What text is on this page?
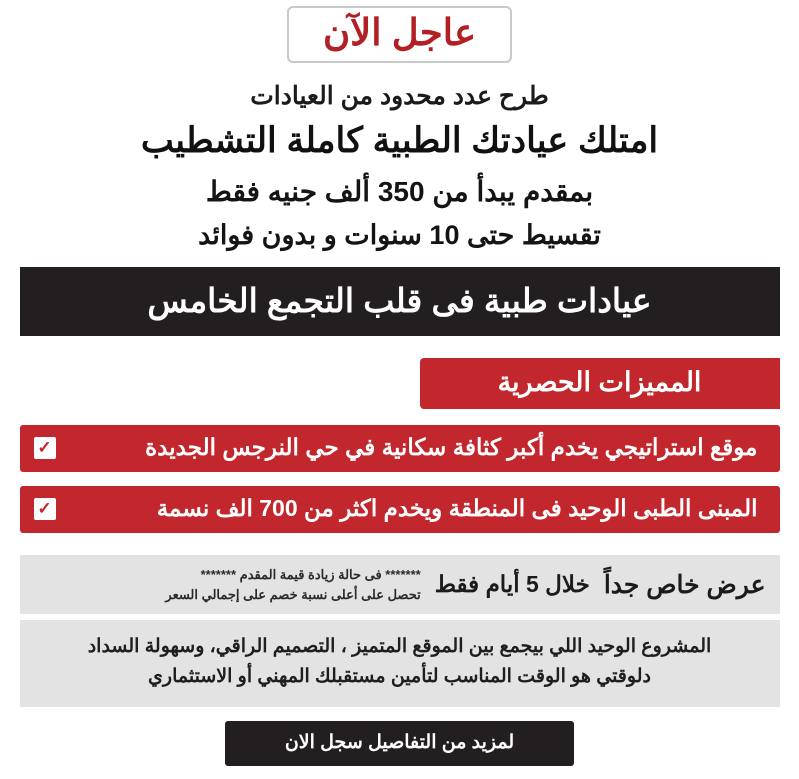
عاجل الآن
طرح عدد محدود من العيادات
امتلك عيادتك الطبية كاملة التشطيب
بمقدم يبدأ من 350 ألف جنيه فقط
تقسيط حتى 10 سنوات و بدون فوائد
عيادات طبية فى قلب التجمع الخامس
المميزات الحصرية
موقع استراتيجي يخدم أكبر كثافة سكانية في حي النرجس الجديدة
✓
المبنى الطبى الوحيد فى المنطقة ويخدم اكثر من 700 الف نسمة
✓
عرض خاص جداً
خلال 5 أيام فقط
******* فى حالة زيادة قيمة المقدم *******
تحصل على أعلى نسبة خصم على إجمالي السعر
المشروع الوحيد اللي بيجمع بين الموقع المتميز ، التصميم الراقي، وسهولة السداد
دلوقتي هو الوقت المناسب لتأمين مستقبلك المهني أو الاستثماري
لمزيد من التفاصيل سجل الان
